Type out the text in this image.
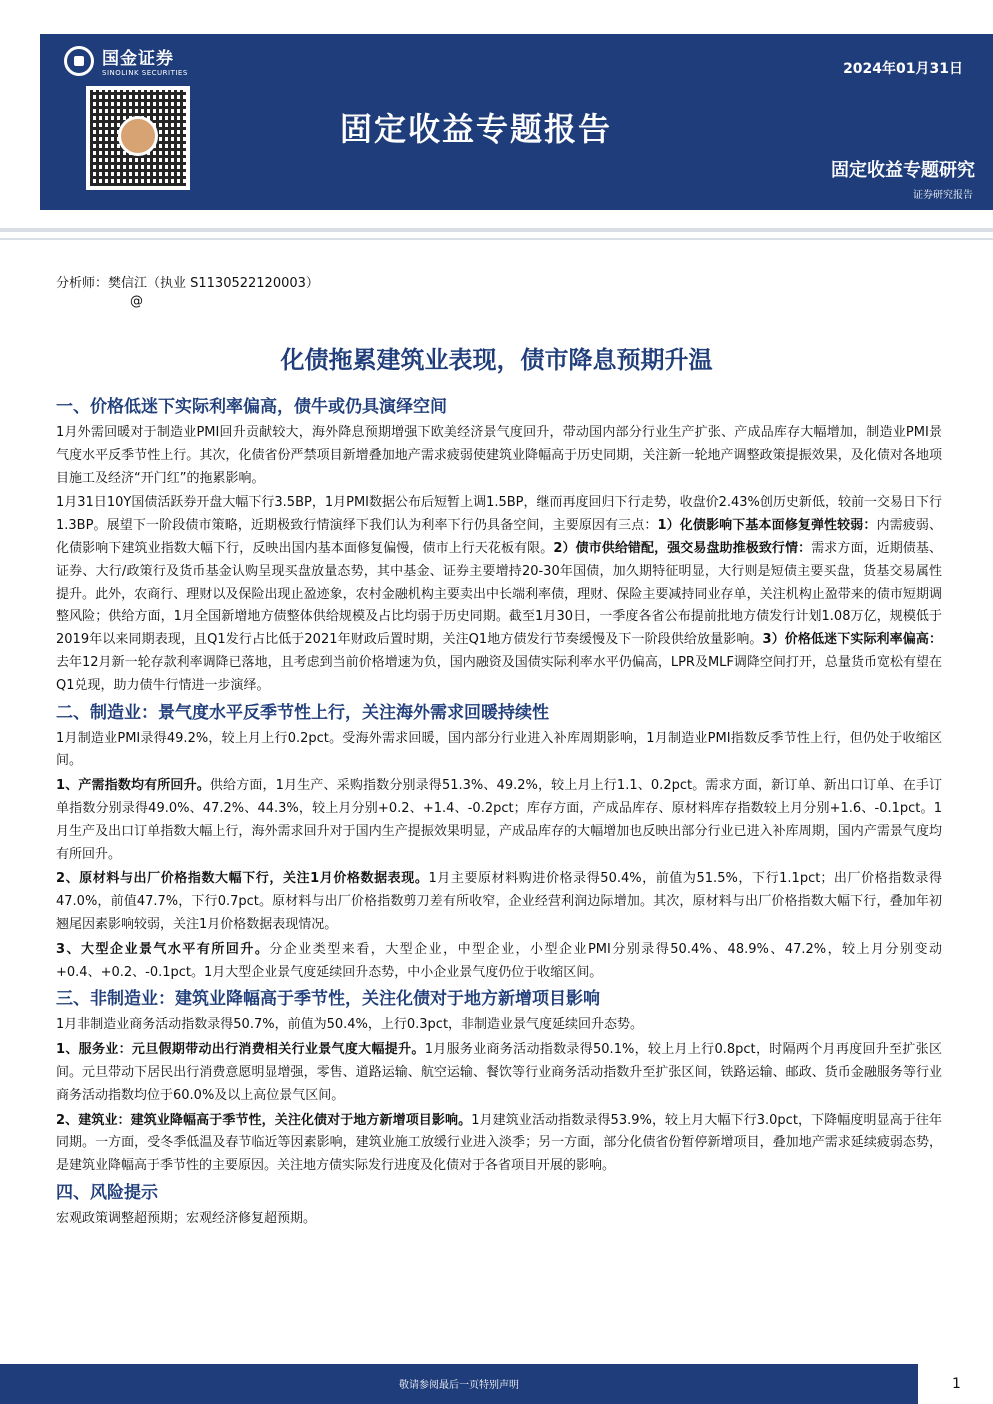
国金证券
SINOLINK SECURITIES	2024年01月31日
固定收益专题报告
固定收益专题研究
证券研究报告
分析师：樊信江（执业 S1130522120003）
@
化债拖累建筑业表现，债市降息预期升温
一、价格低迷下实际利率偏高，债牛或仍具演绎空间

1月外需回暖对于制造业PMI回升贡献较大，海外降息预期增强下欧美经济景气度回升，带动国内部分行业生产扩张、产成品库存大幅增加，制造业PMI景气度水平反季节性上行。其次，化债省份严禁项目新增叠加地产需求疲弱使建筑业降幅高于历史同期，关注新一轮地产调整政策提振效果，及化债对各地项目施工及经济“开门红”的拖累影响。

1月31日10Y国债活跃券开盘大幅下行3.5BP，1月PMI数据公布后短暂上调1.5BP，继而再度回归下行走势，收盘价2.43%创历史新低，较前一交易日下行1.3BP。展望下一阶段债市策略，近期极致行情演绎下我们认为利率下行仍具备空间，主要原因有三点：1）化债影响下基本面修复弹性较弱：内需疲弱、化债影响下建筑业指数大幅下行，反映出国内基本面修复偏慢，债市上行天花板有限。2）债市供给错配，强交易盘助推极致行情：需求方面，近期债基、证券、大行/政策行及货币基金认购呈现买盘放量态势，其中基金、证券主要增持20-30年国债，加久期特征明显，大行则是短债主要买盘，货基交易属性提升。此外，农商行、理财以及保险出现止盈迹象，农村金融机构主要卖出中长端利率债，理财、保险主要减持同业存单，关注机构止盈带来的债市短期调整风险；供给方面，1月全国新增地方债整体供给规模及占比均弱于历史同期。截至1月30日，一季度各省公布提前批地方债发行计划1.08万亿，规模低于2019年以来同期表现，且Q1发行占比低于2021年财政后置时期，关注Q1地方债发行节奏缓慢及下一阶段供给放量影响。3）价格低迷下实际利率偏高：去年12月新一轮存款利率调降已落地，且考虑到当前价格增速为负，国内融资及国债实际利率水平仍偏高，LPR及MLF调降空间打开，总量货币宽松有望在Q1兑现，助力债牛行情进一步演绎。

二、制造业：景气度水平反季节性上行，关注海外需求回暖持续性

1月制造业PMI录得49.2%，较上月上行0.2pct。受海外需求回暖，国内部分行业进入补库周期影响，1月制造业PMI指数反季节性上行，但仍处于收缩区间。

1、产需指数均有所回升。供给方面，1月生产、采购指数分别录得51.3%、49.2%，较上月上行1.1、0.2pct。需求方面，新订单、新出口订单、在手订单指数分别录得49.0%、47.2%、44.3%，较上月分别+0.2、+1.4、-0.2pct；库存方面，产成品库存、原材料库存指数较上月分别+1.6、-0.1pct。1月生产及出口订单指数大幅上行，海外需求回升对于国内生产提振效果明显，产成品库存的大幅增加也反映出部分行业已进入补库周期，国内产需景气度均有所回升。

2、原材料与出厂价格指数大幅下行，关注1月价格数据表现。1月主要原材料购进价格录得50.4%，前值为51.5%，下行1.1pct；出厂价格指数录得47.0%，前值47.7%，下行0.7pct。原材料与出厂价格指数剪刀差有所收窄，企业经营利润边际增加。其次，原材料与出厂价格指数大幅下行，叠加年初翘尾因素影响较弱，关注1月价格数据表现情况。

3、大型企业景气水平有所回升。分企业类型来看，大型企业，中型企业，小型企业PMI分别录得50.4%、48.9%、47.2%，较上月分别变动+0.4、+0.2、-0.1pct。1月大型企业景气度延续回升态势，中小企业景气度仍位于收缩区间。

三、非制造业：建筑业降幅高于季节性，关注化债对于地方新增项目影响

1月非制造业商务活动指数录得50.7%，前值为50.4%，上行0.3pct，非制造业景气度延续回升态势。

1、服务业：元旦假期带动出行消费相关行业景气度大幅提升。1月服务业商务活动指数录得50.1%，较上月上行0.8pct，时隔两个月再度回升至扩张区间。元旦带动下居民出行消费意愿明显增强，零售、道路运输、航空运输、餐饮等行业商务活动指数升至扩张区间，铁路运输、邮政、货币金融服务等行业商务活动指数均位于60.0%及以上高位景气区间。

2、建筑业：建筑业降幅高于季节性，关注化债对于地方新增项目影响。1月建筑业活动指数录得53.9%，较上月大幅下行3.0pct，下降幅度明显高于往年同期。一方面，受冬季低温及春节临近等因素影响，建筑业施工放缓行业进入淡季；另一方面，部分化债省份暂停新增项目，叠加地产需求延续疲弱态势，是建筑业降幅高于季节性的主要原因。关注地方债实际发行进度及化债对于各省项目开展的影响。

四、风险提示

宏观政策调整超预期；宏观经济修复超预期。

敬请参阅最后一页特别声明	1
